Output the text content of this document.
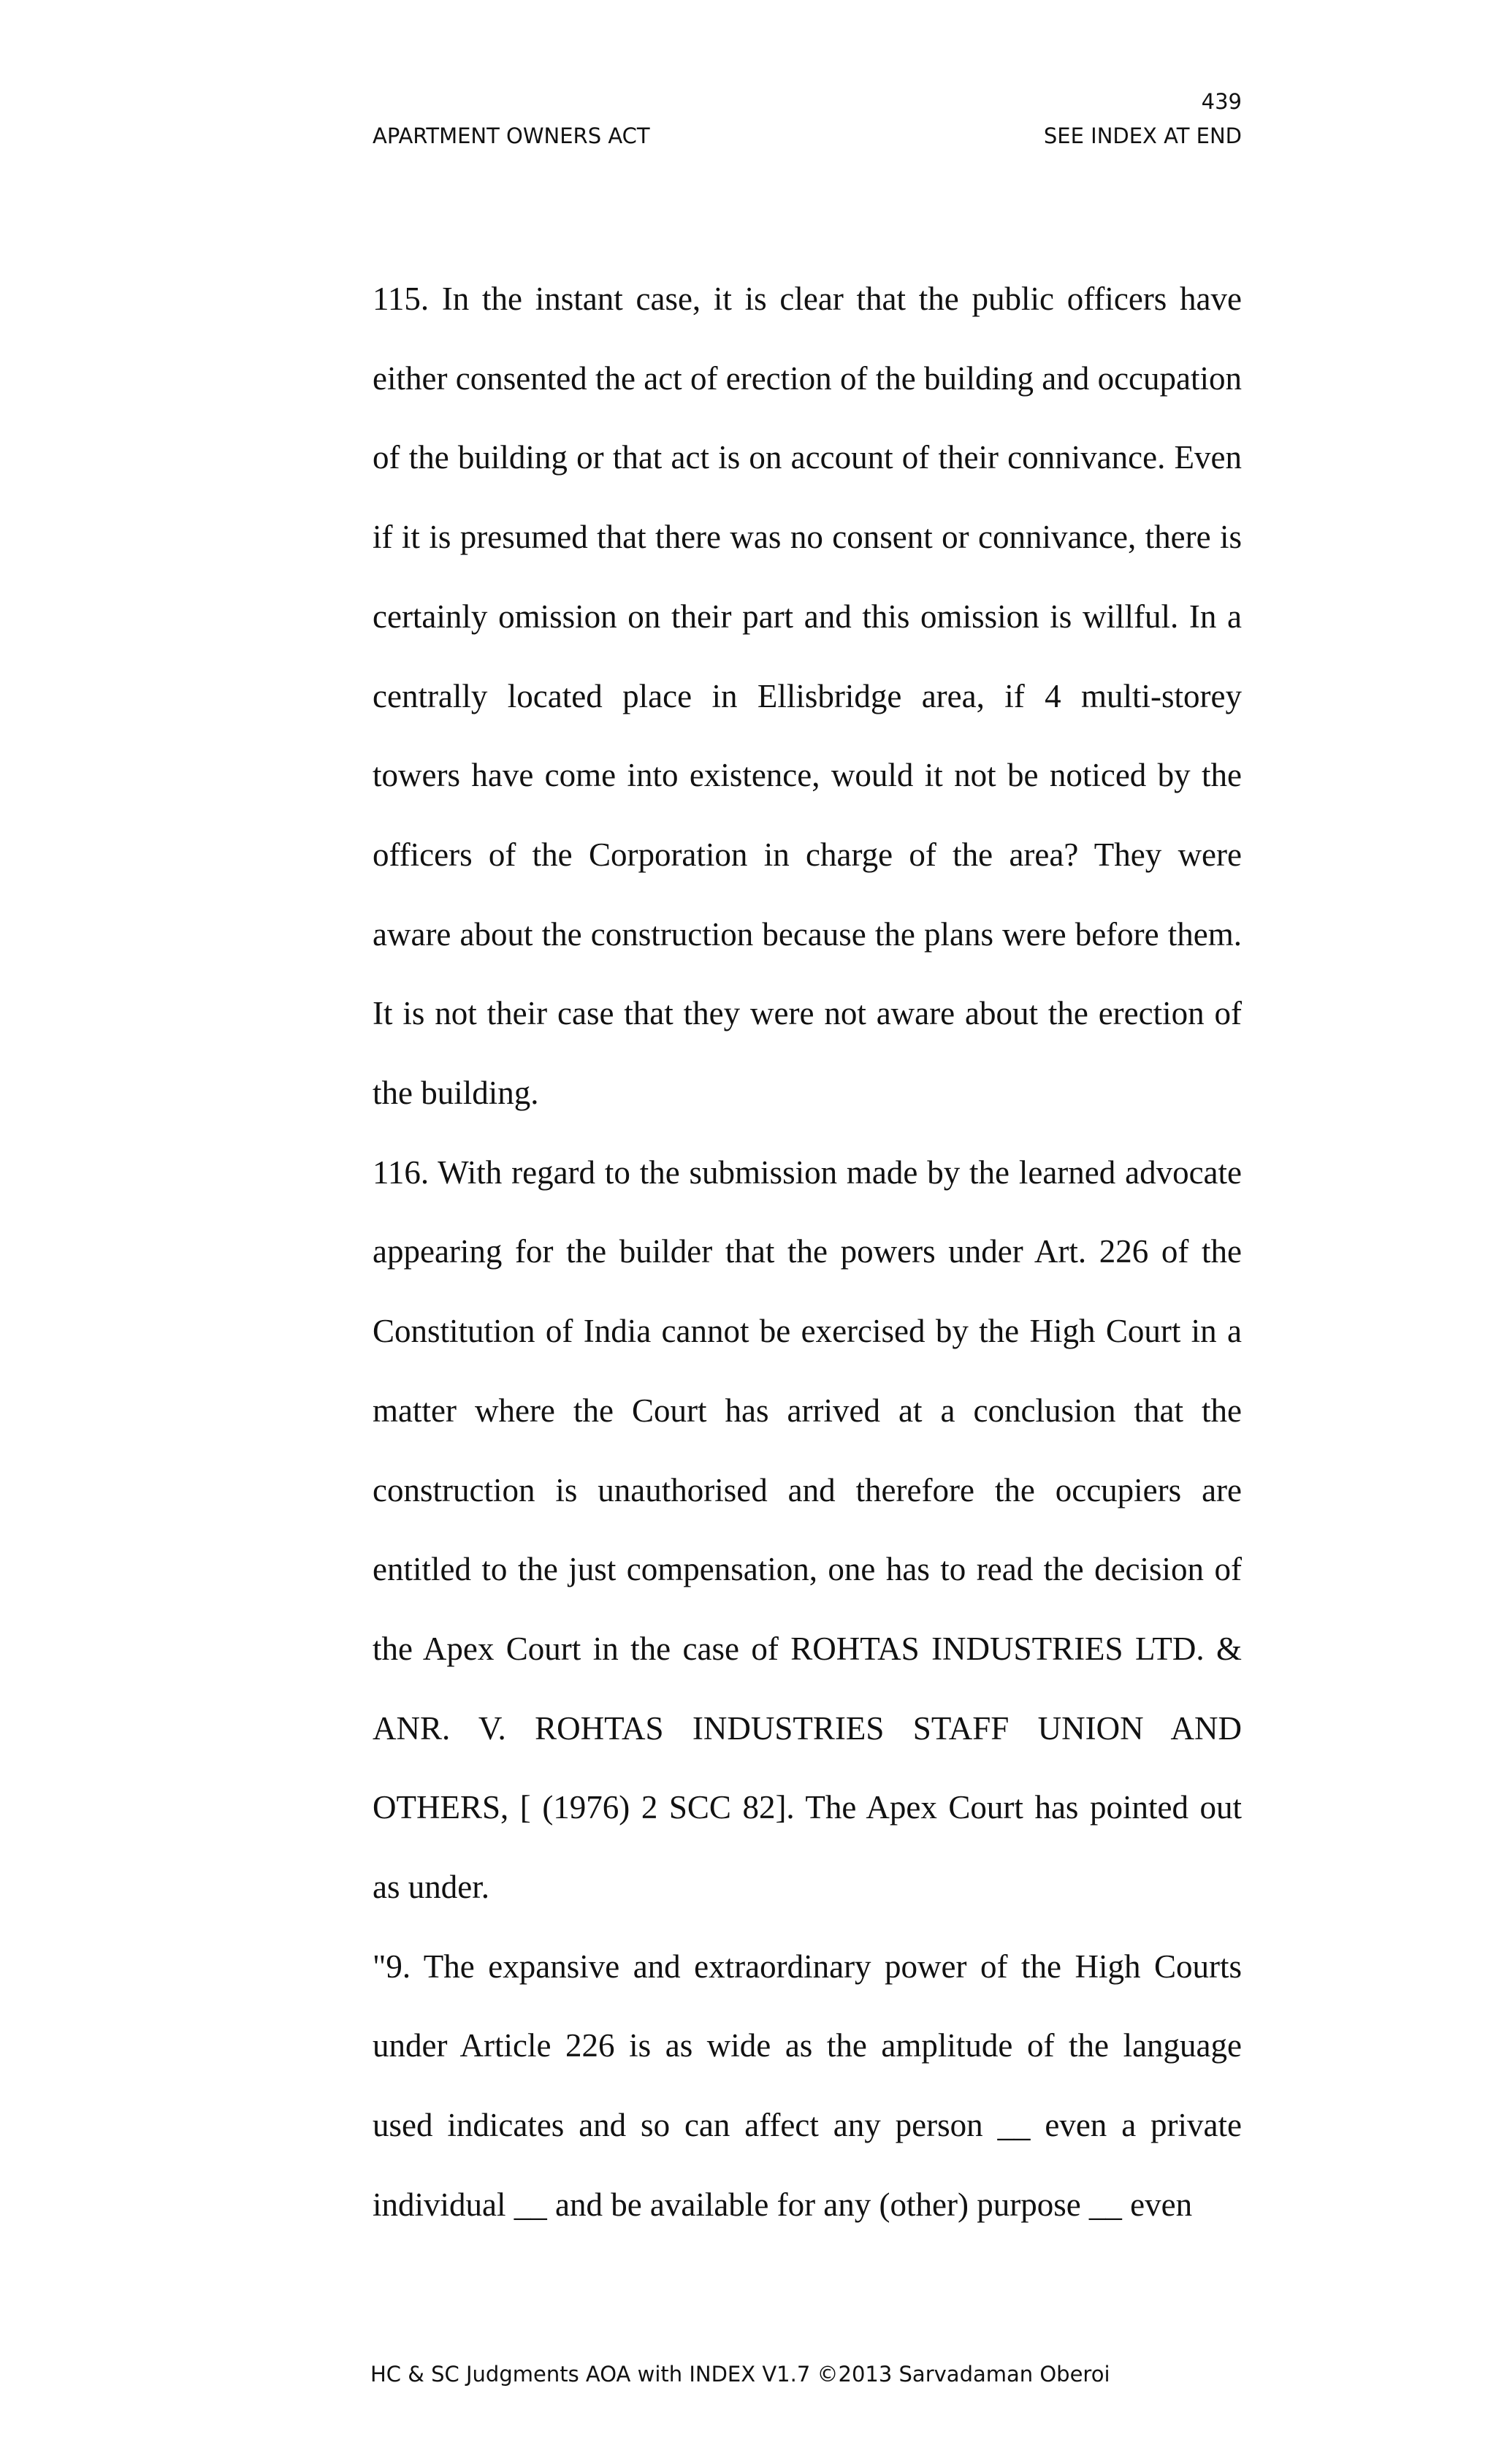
439
APARTMENT OWNERS ACT	SEE INDEX AT END

115. In the instant case, it is clear that the public officers have either consented the act of erection of the building and occupation of the building or that act is on account of their connivance. Even if it is presumed that there was no consent or connivance, there is certainly omission on their part and this omission is willful. In a centrally located place in Ellisbridge area, if 4 multi-storey towers have come into existence, would it not be noticed by the officers of the Corporation in charge of the area? They were aware about the construction because the plans were before them. It is not their case that they were not aware about the erection of the building.

116. With regard to the submission made by the learned advocate appearing for the builder that the powers under Art. 226 of the Constitution of India cannot be exercised by the High Court in a matter where the Court has arrived at a conclusion that the construction is unauthorised and therefore the occupiers are entitled to the just compensation, one has to read the decision of the Apex Court in the case of ROHTAS INDUSTRIES LTD. & ANR. V. ROHTAS INDUSTRIES STAFF UNION AND OTHERS, [ (1976) 2 SCC 82]. The Apex Court has pointed out as under.

"9. The expansive and extraordinary power of the High Courts under Article 226 is as wide as the amplitude of the language used indicates and so can affect any person __ even a private individual __ and be available for any (other) purpose __ even

HC & SC Judgments AOA with INDEX V1.7 ©2013 Sarvadaman Oberoi
